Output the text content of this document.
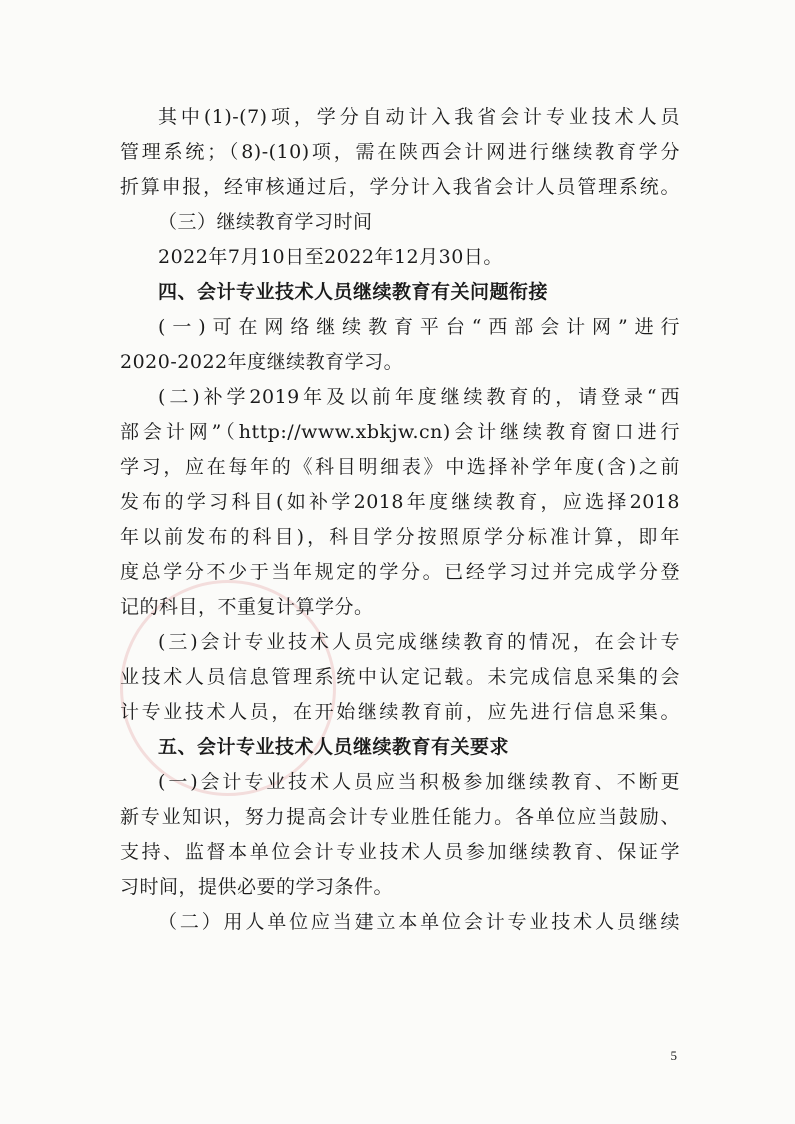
其中(1)-(7)项，学分自动计入我省会计专业技术人员
管理系统；（8)-(10)项，需在陕西会计网进行继续教育学分
折算申报，经审核通过后，学分计入我省会计人员管理系统。
（三）继续教育学习时间
2022年7月10日至2022年12月30日。
四、会计专业技术人员继续教育有关问题衔接
(一)可在网络继续教育平台“西部会计网”进行
2020-2022年度继续教育学习。
(二)补学2019年及以前年度继续教育的，请登录“西
部会计网”（http://www.xbkjw.cn)会计继续教育窗口进行
学习，应在每年的《科目明细表》中选择补学年度(含)之前
发布的学习科目(如补学2018年度继续教育，应选择2018
年以前发布的科目)，科目学分按照原学分标准计算，即年
度总学分不少于当年规定的学分。已经学习过并完成学分登
记的科目，不重复计算学分。
(三)会计专业技术人员完成继续教育的情况，在会计专
业技术人员信息管理系统中认定记载。未完成信息采集的会
计专业技术人员，在开始继续教育前，应先进行信息采集。
五、会计专业技术人员继续教育有关要求
(一)会计专业技术人员应当积极参加继续教育、不断更
新专业知识，努力提高会计专业胜任能力。各单位应当鼓励、
支持、监督本单位会计专业技术人员参加继续教育、保证学
习时间，提供必要的学习条件。
（二）用人单位应当建立本单位会计专业技术人员继续
5
